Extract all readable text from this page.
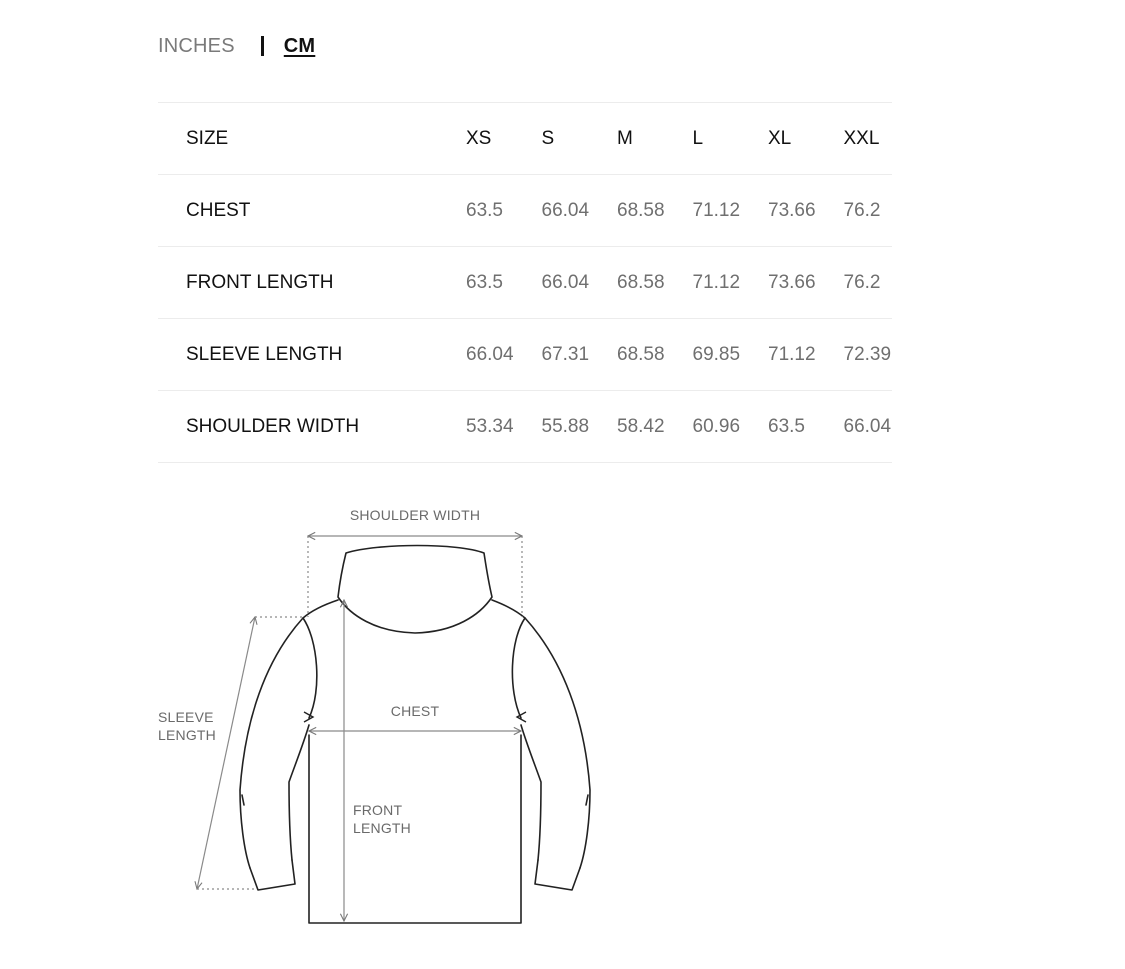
INCHES CM
SIZE	XS	S	M	L	XL	XXL
CHEST	63.5	66.04	68.58	71.12	73.66	76.2
FRONT LENGTH	63.5	66.04	68.58	71.12	73.66	76.2
SLEEVE LENGTH	66.04	67.31	68.58	69.85	71.12	72.39
SHOULDER WIDTH	53.34	55.88	58.42	60.96	63.5	66.04
SHOULDER WIDTH
CHEST
SLEEVE
LENGTH
FRONT
LENGTH
